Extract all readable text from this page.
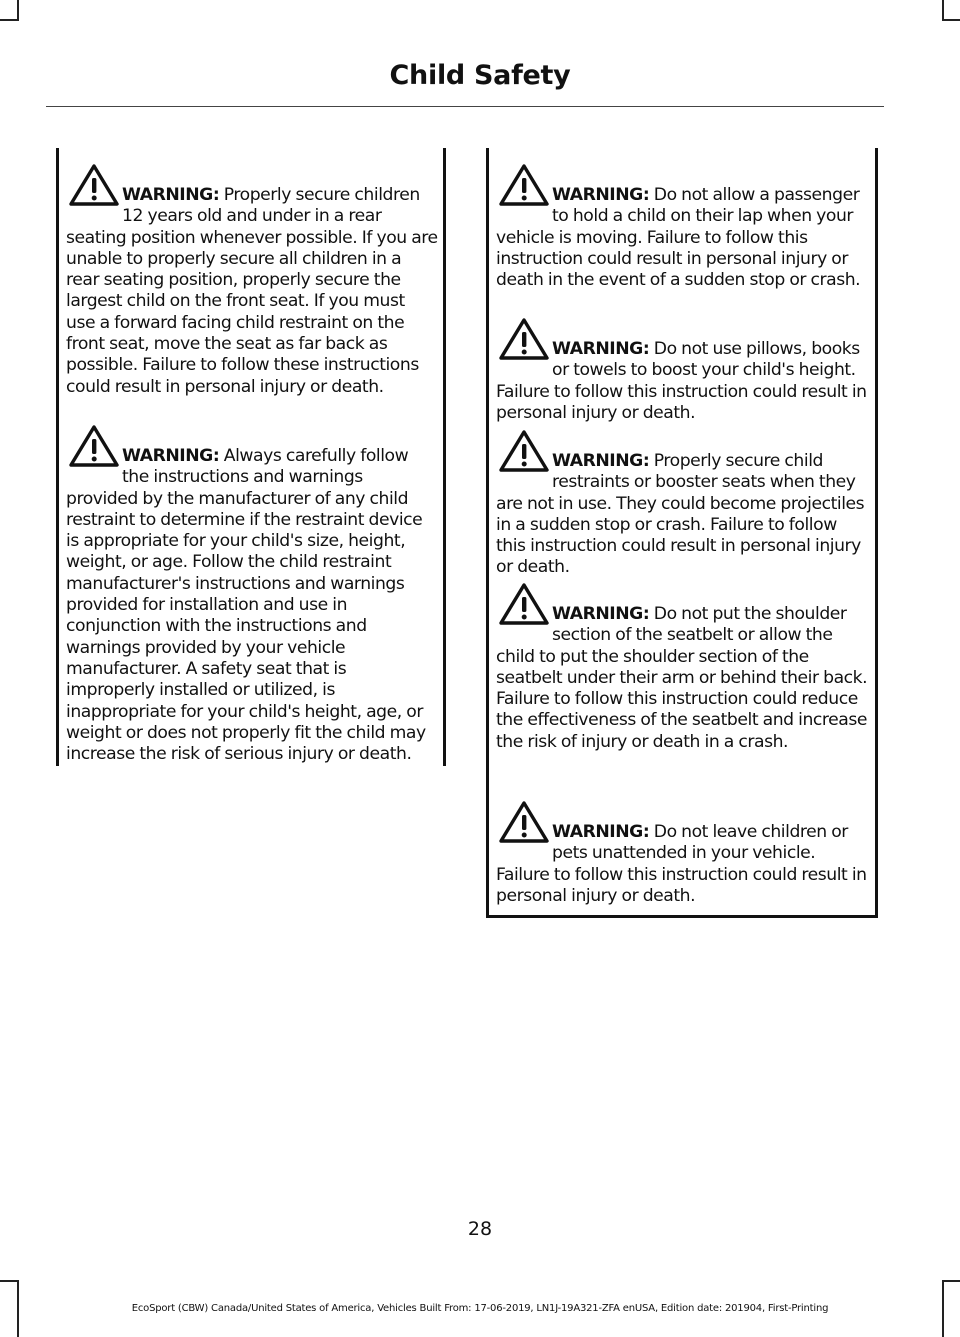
Child Safety

WARNING: Properly secure children 12 years old and under in a rear seating position whenever possible. If you are unable to properly secure all children in a rear seating position, properly secure the largest child on the front seat. If you must use a forward facing child restraint on the front seat, move the seat as far back as possible. Failure to follow these instructions could result in personal injury or death.

WARNING: Always carefully follow the instructions and warnings provided by the manufacturer of any child restraint to determine if the restraint device is appropriate for your child's size, height, weight, or age. Follow the child restraint manufacturer's instructions and warnings provided for installation and use in conjunction with the instructions and warnings provided by your vehicle manufacturer. A safety seat that is improperly installed or utilized, is inappropriate for your child's height, age, or weight or does not properly fit the child may increase the risk of serious injury or death.

WARNING: Do not allow a passenger to hold a child on their lap when your vehicle is moving. Failure to follow this instruction could result in personal injury or death in the event of a sudden stop or crash.

WARNING: Do not use pillows, books or towels to boost your child's height. Failure to follow this instruction could result in personal injury or death.

WARNING: Properly secure child restraints or booster seats when they are not in use. They could become projectiles in a sudden stop or crash. Failure to follow this instruction could result in personal injury or death.

WARNING: Do not put the shoulder section of the seatbelt or allow the child to put the shoulder section of the seatbelt under their arm or behind their back. Failure to follow this instruction could reduce the effectiveness of the seatbelt and increase the risk of injury or death in a crash.

WARNING: Do not leave children or pets unattended in your vehicle. Failure to follow this instruction could result in personal injury or death.

28
EcoSport (CBW) Canada/United States of America, Vehicles Built From: 17-06-2019, LN1J-19A321-ZFA enUSA, Edition date: 201904, First-Printing
